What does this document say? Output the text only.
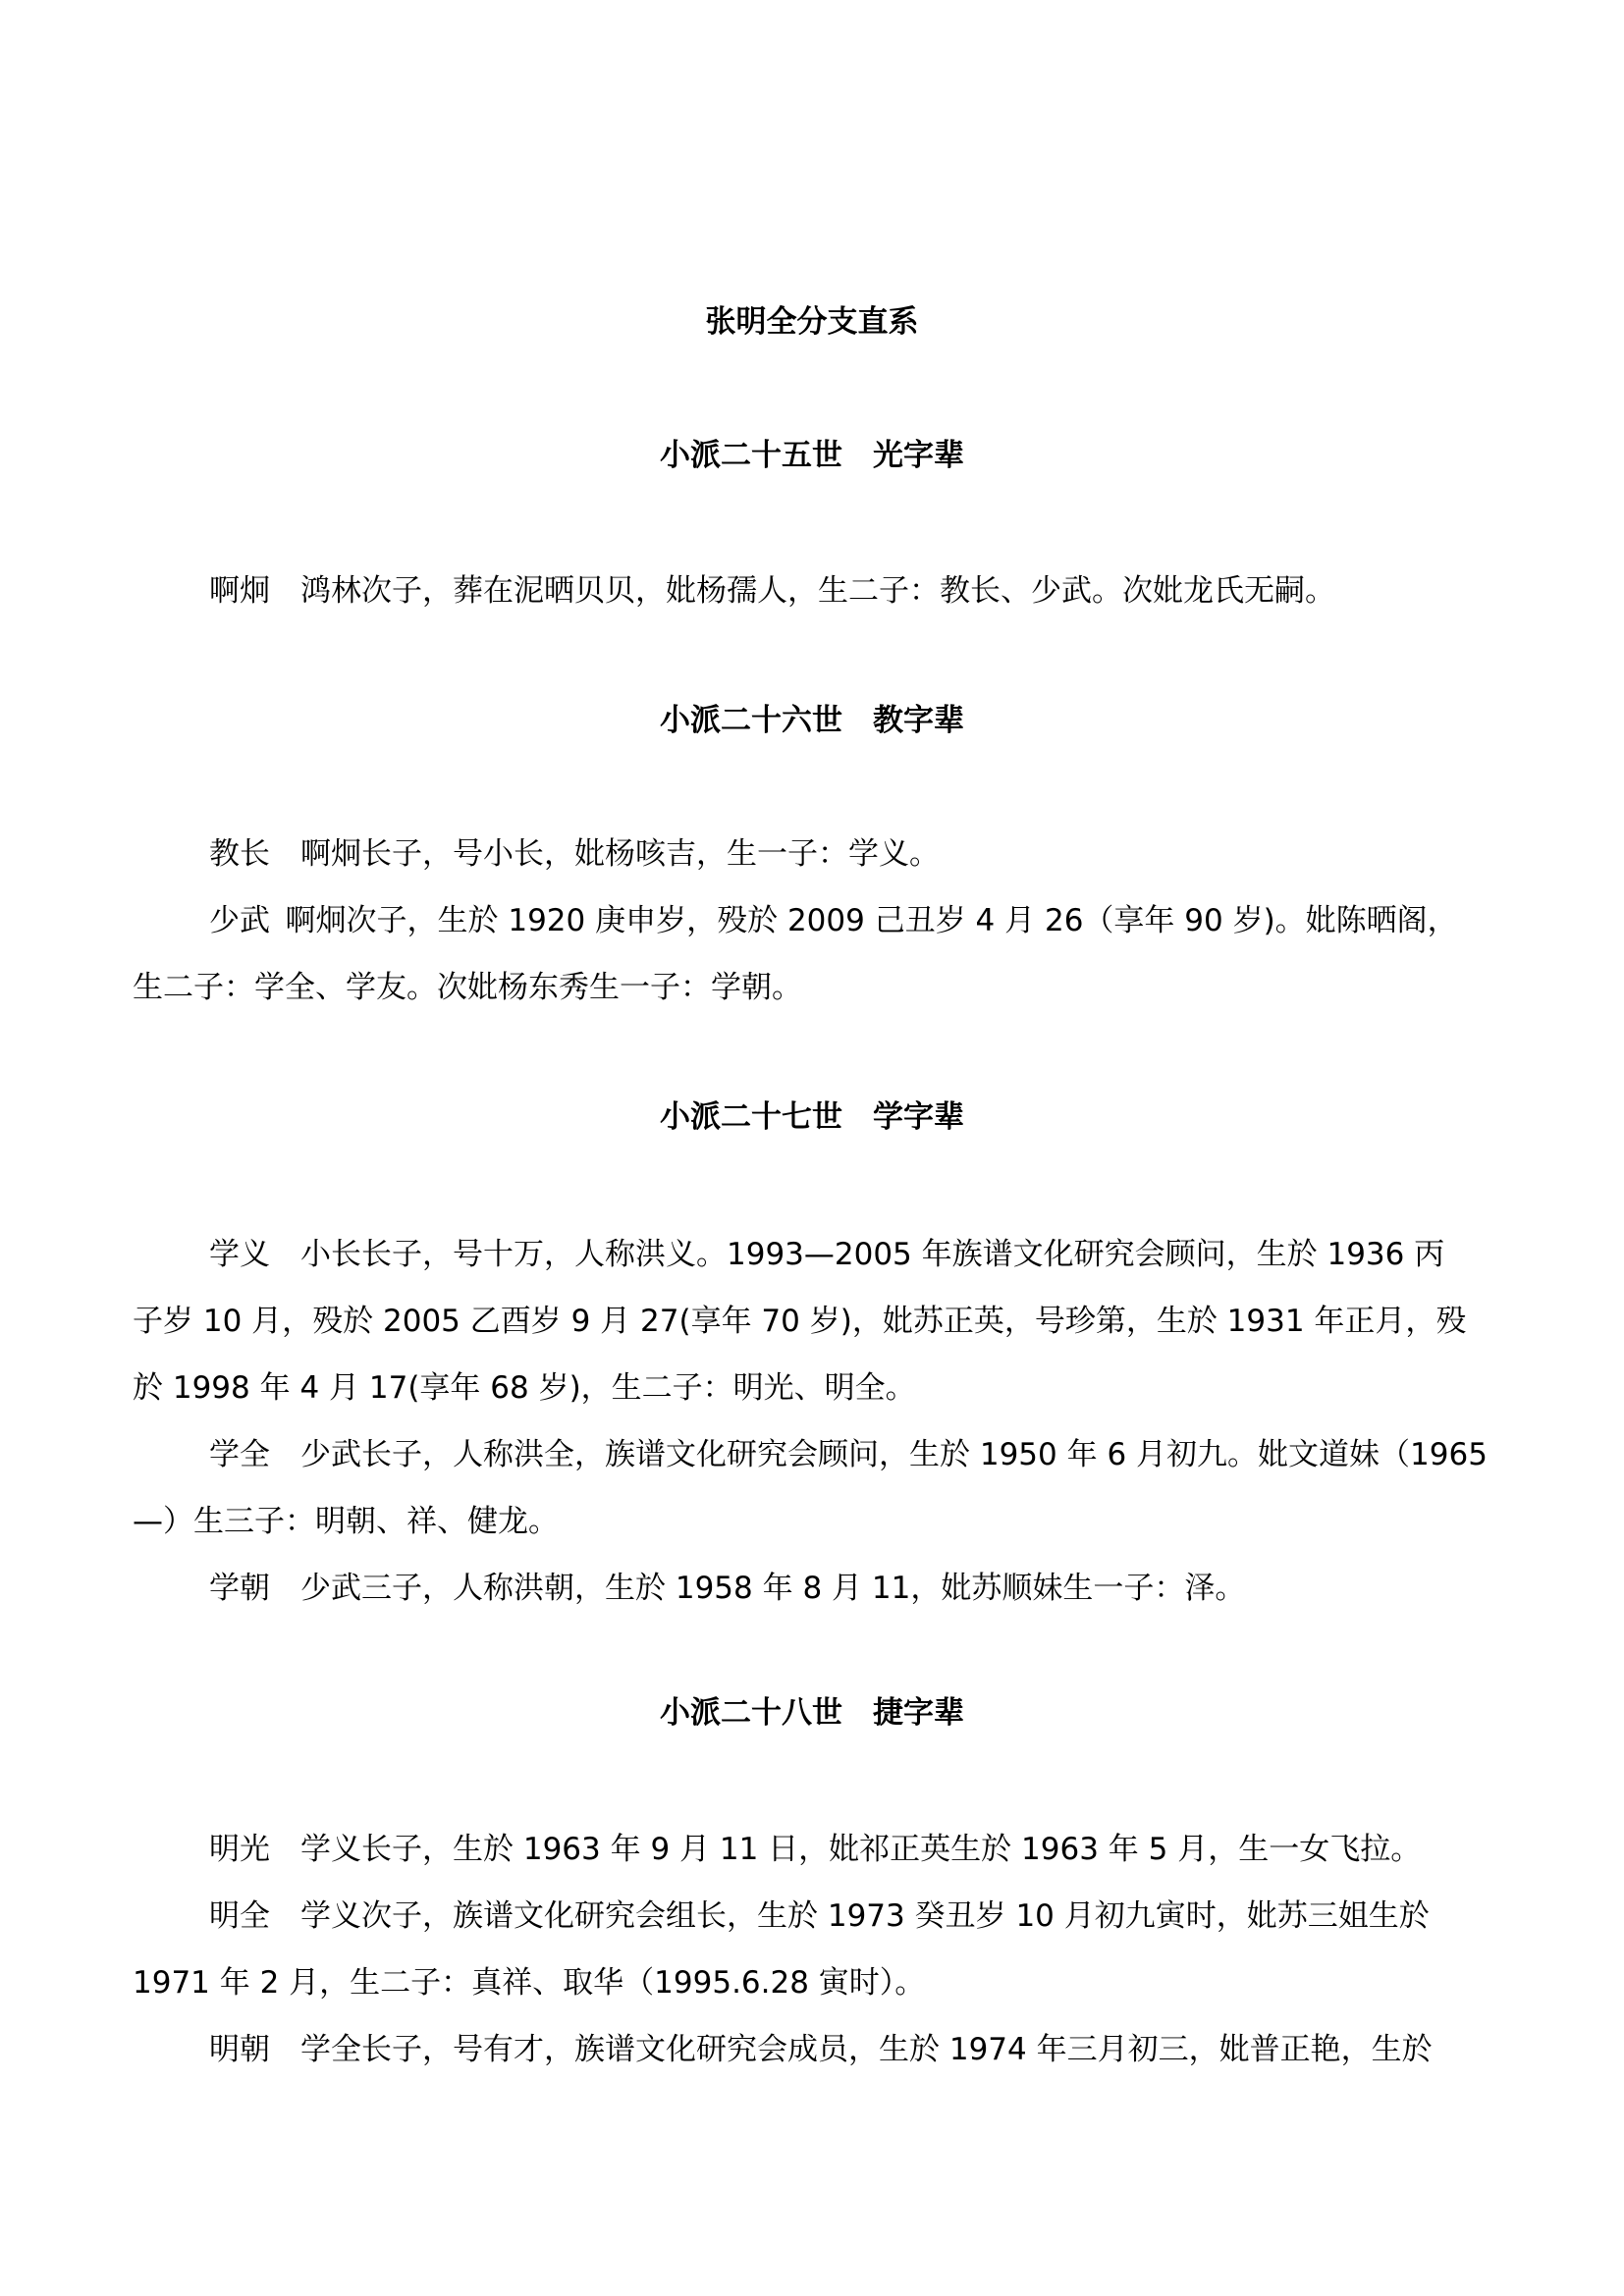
张明全分支直系
小派二十五世　光字辈
啊炯　鸿林次子，葬在泥晒贝贝，妣杨孺人，生二子：教长、少武。次妣龙氏无嗣。
小派二十六世　教字辈
教长　啊炯长子，号小长，妣杨咳吉，生一子：学义。
少武 啊炯次子，生於 1920 庚申岁，殁於 2009 己丑岁 4 月 26（享年 90 岁)。妣陈晒阁，
生二子：学全、学友。次妣杨东秀生一子：学朝。
小派二十七世　学字辈
学义　小长长子，号十万，人称洪义。1993—2005 年族谱文化研究会顾问，生於 1936 丙
子岁 10 月，殁於 2005 乙酉岁 9 月 27(享年 70 岁)，妣苏正英，号珍第，生於 1931 年正月，殁
於 1998 年 4 月 17(享年 68 岁)，生二子：明光、明全。
学全　少武长子，人称洪全，族谱文化研究会顾问，生於 1950 年 6 月初九。妣文道妹（1965
—）生三子：明朝、祥、健龙。
学朝　少武三子，人称洪朝，生於 1958 年 8 月 11，妣苏顺妹生一子：泽。
小派二十八世　捷字辈
明光　学义长子，生於 1963 年 9 月 11 日，妣祁正英生於 1963 年 5 月，生一女飞拉。
明全　学义次子，族谱文化研究会组长，生於 1973 癸丑岁 10 月初九寅时，妣苏三姐生於
1971 年 2 月，生二子：真祥、取华（1995.6.28 寅时）。
明朝　学全长子，号有才，族谱文化研究会成员，生於 1974 年三月初三，妣普正艳，生於
